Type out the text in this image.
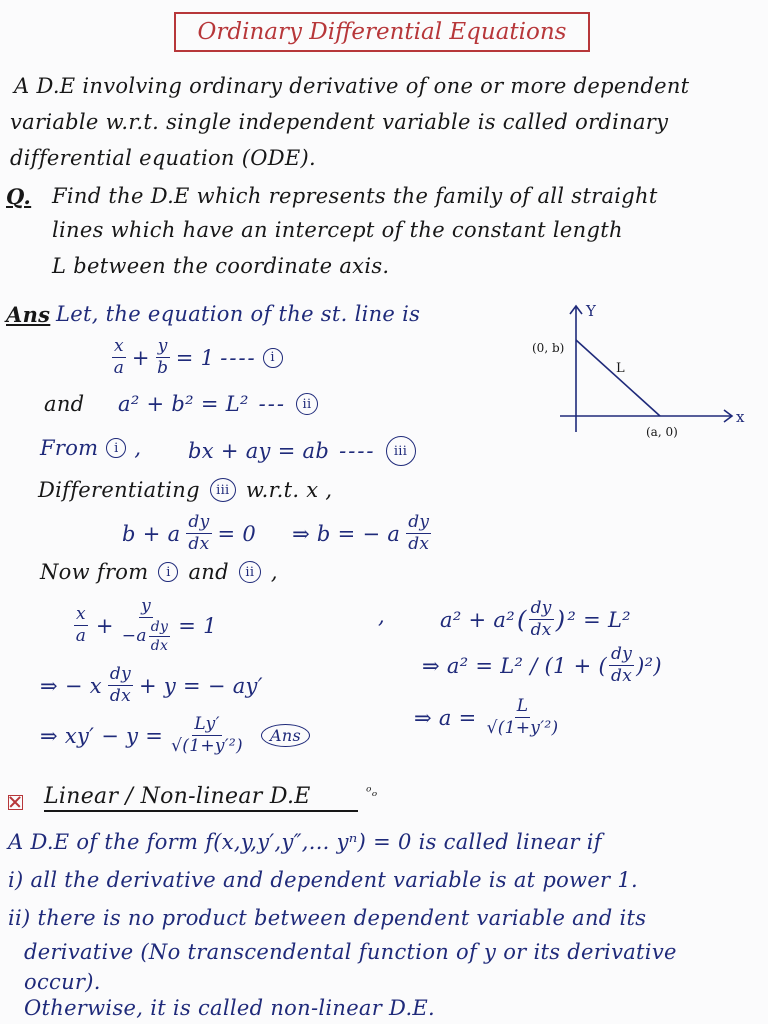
Ordinary Differential Equations
A D.E involving ordinary derivative of one or more dependent
variable w.r.t. single independent variable is called ordinary
differential equation (ODE).
Q. Find the D.E which represents the family of all straight
lines which have an intercept of the constant length
L between the coordinate axis.
Ans Let, the equation of the st. line is
$\frac{x}{a} + \frac{y}{b} = 1$ ----	i
and a² + b² = L² ---	ii
From	i , bx + ay = ab ----	iii
Differentiating	iii w.r.t. x ,
b + a $\frac{dy}{dx} = 0$ ⇒ b = − a $\frac{dy}{dx}$
Now from	i and	ii ,
$\frac{x}{a} + \frac{y}{-a \frac{dy}{dx}} = 1$	,	a² + a² ( $\frac{dy}{dx}$ ) ² = L²
⇒ a² = L² / (1 + ( $\frac{dy}{dx} )^2$)
⇒ − x $\frac{dy}{dx} + y$ = − ay′
⇒ $a = \frac{L}{\text{√(1+y′²)}}$
⇒ $xy' - y = \frac{Ly'}{\text{√(1+y′²)}}$	Ans
Y
x
(0, b)
(a, 0)
L
Linear / Non-linear D.E	ᵒₒ
A D.E of the form f(x,y,y′,y″,... yⁿ) = 0 is called linear if
i) all the derivative and dependent variable is at power 1.
ii) there is no product between dependent variable and its
derivative (No transcendental function of y or its derivative
occur).
Otherwise, it is called non-linear D.E.
